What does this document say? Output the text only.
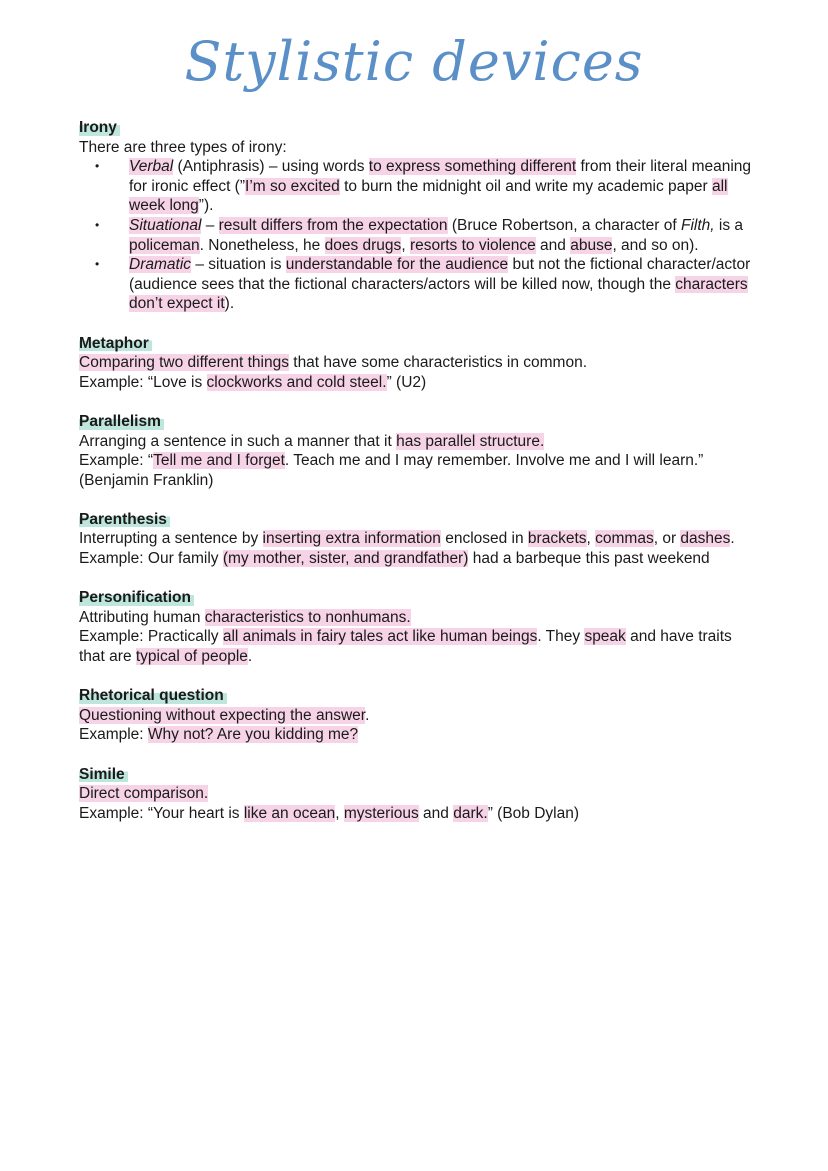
Stylistic devices
Irony

There are three types of irony:

• Verbal (Antiphrasis) – using words to express something different from their literal meaning for ironic effect (”I’m so excited to burn the midnight oil and write my academic paper all week long”).
• Situational – result differs from the expectation (Bruce Robertson, a character of Filth, is a policeman. Nonetheless, he does drugs, resorts to violence and abuse, and so on).
• Dramatic – situation is understandable for the audience but not the fictional character/actor (audience sees that the fictional characters/actors will be killed now, though the characters don’t expect it).
Metaphor

Comparing two different things that have some characteristics in common.

Example: “Love is clockworks and cold steel.” (U2)

Parallelism

Arranging a sentence in such a manner that it has parallel structure.

Example: “Tell me and I forget. Teach me and I may remember. Involve me and I will learn.” (Benjamin Franklin)

Parenthesis

Interrupting a sentence by inserting extra information enclosed in brackets, commas, or dashes.

Example: Our family (my mother, sister, and grandfather) had a barbeque this past weekend

Personification

Attributing human characteristics to nonhumans.

Example: Practically all animals in fairy tales act like human beings. They speak and have traits that are typical of people.

Rhetorical question

Questioning without expecting the answer.

Example: Why not? Are you kidding me?

Simile

Direct comparison.

Example: “Your heart is like an ocean, mysterious and dark.” (Bob Dylan)
